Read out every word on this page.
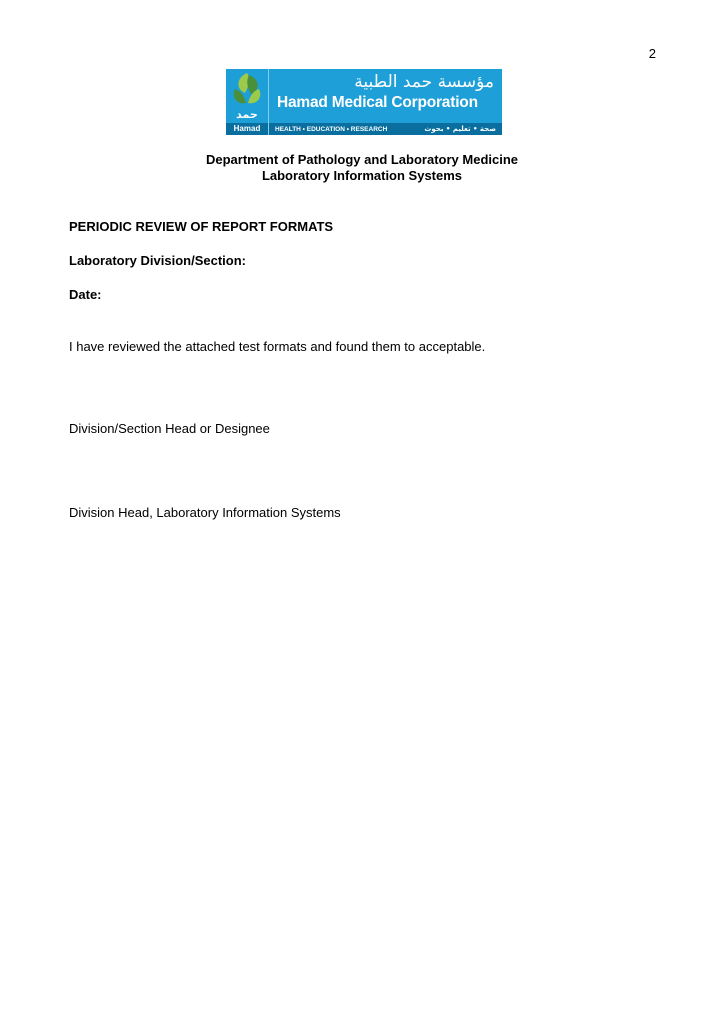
2
حمد
Hamad
مؤسسة حمد الطبية
Hamad Medical Corporation
HEALTH • EDUCATION • RESEARCH	صحة • تعليم • بحوث
Department of Pathology and Laboratory Medicine
Laboratory Information Systems
PERIODIC REVIEW OF REPORT FORMATS
Laboratory Division/Section:
Date:
I have reviewed the attached test formats and found them to acceptable.
Division/Section Head or Designee
Division Head, Laboratory Information Systems
